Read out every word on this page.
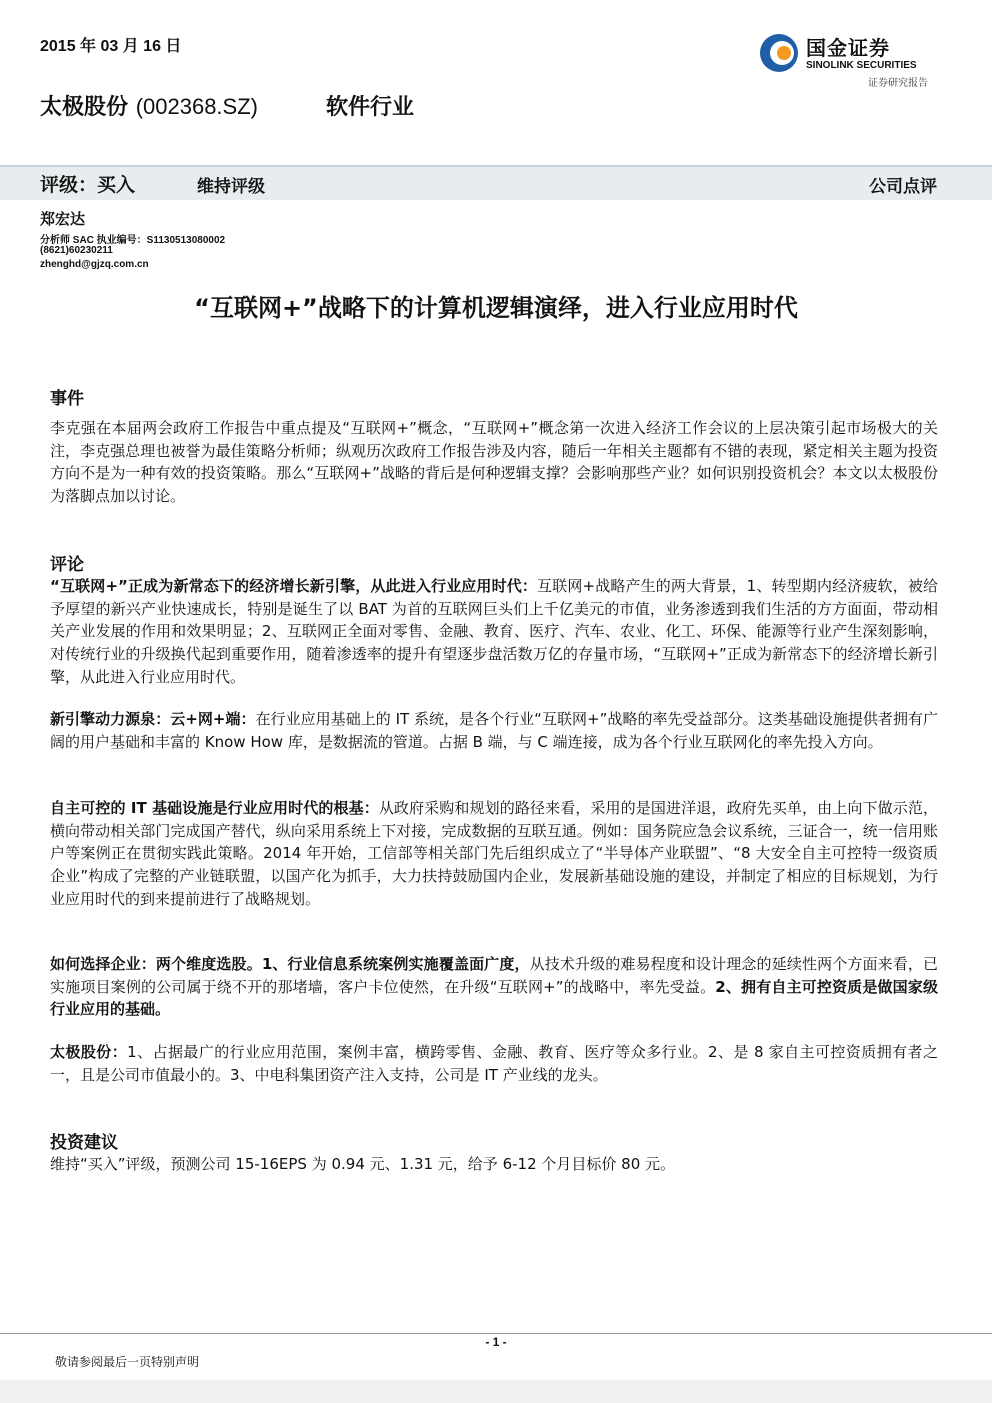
2015 年 03 月 16 日	国金证券
SINOLINK SECURITIES
证券研究报告
太极股份 (002368.SZ)	软件行业
评级：买入	维持评级	公司点评
郑宏达
分析师 SAC 执业编号：S1130513080002
(8621)60230211
zhenghd@gjzq.com.cn
“互联网+”战略下的计算机逻辑演绎，进入行业应用时代
事件
李克强在本届两会政府工作报告中重点提及“互联网+”概念，“互联网+”概念第一次进入经济工作会议的上层决策引起市场极大的关注，李克强总理也被誉为最佳策略分析师；纵观历次政府工作报告涉及内容，随后一年相关主题都有不错的表现，紧定相关主题为投资方向不是为一种有效的投资策略。那么“互联网+”战略的背后是何种逻辑支撑？会影响那些产业？如何识别投资机会？本文以太极股份为落脚点加以讨论。
评论
“互联网+”正成为新常态下的经济增长新引擎，从此进入行业应用时代：互联网+战略产生的两大背景，1、转型期内经济疲软，被给予厚望的新兴产业快速成长，特别是诞生了以 BAT 为首的互联网巨头们上千亿美元的市值，业务渗透到我们生活的方方面面，带动相关产业发展的作用和效果明显；2、互联网正全面对零售、金融、教育、医疗、汽车、农业、化工、环保、能源等行业产生深刻影响，对传统行业的升级换代起到重要作用，随着渗透率的提升有望逐步盘活数万亿的存量市场，“互联网+”正成为新常态下的经济增长新引擎，从此进入行业应用时代。
新引擎动力源泉：云+网+端：在行业应用基础上的 IT 系统，是各个行业“互联网+”战略的率先受益部分。这类基础设施提供者拥有广阔的用户基础和丰富的 Know How 库，是数据流的管道。占据 B 端，与 C 端连接，成为各个行业互联网化的率先投入方向。
自主可控的 IT 基础设施是行业应用时代的根基：从政府采购和规划的路径来看，采用的是国进洋退，政府先买单，由上向下做示范，横向带动相关部门完成国产替代，纵向采用系统上下对接，完成数据的互联互通。例如：国务院应急会议系统，三证合一，统一信用账户等案例正在贯彻实践此策略。2014 年开始，工信部等相关部门先后组织成立了“半导体产业联盟”、“8 大安全自主可控特一级资质企业”构成了完整的产业链联盟，以国产化为抓手，大力扶持鼓励国内企业，发展新基础设施的建设，并制定了相应的目标规划，为行业应用时代的到来提前进行了战略规划。
如何选择企业：两个维度选股。1、行业信息系统案例实施覆盖面广度，从技术升级的难易程度和设计理念的延续性两个方面来看，已实施项目案例的公司属于绕不开的那堵墙，客户卡位使然，在升级“互联网+”的战略中，率先受益。2、拥有自主可控资质是做国家级行业应用的基础。
太极股份：1、占据最广的行业应用范围，案例丰富，横跨零售、金融、教育、医疗等众多行业。2、是 8 家自主可控资质拥有者之一，且是公司市值最小的。3、中电科集团资产注入支持，公司是 IT 产业线的龙头。
投资建议
维持“买入”评级，预测公司 15-16EPS 为 0.94 元、1.31 元，给予 6-12 个月目标价 80 元。
- 1 -
敬请参阅最后一页特别声明
